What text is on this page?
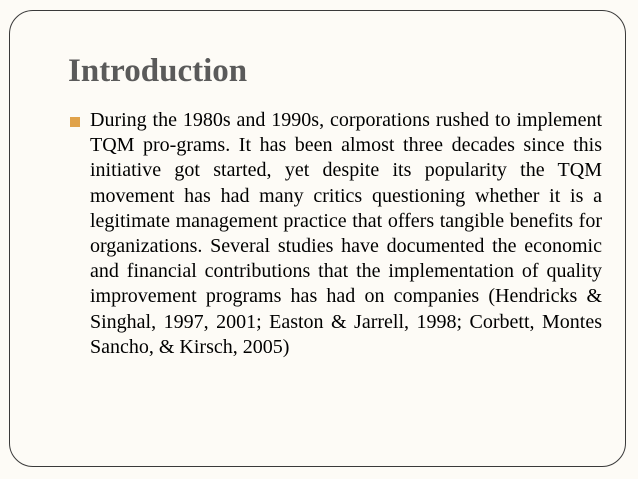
Introduction

During the 1980s and 1990s, corporations rushed to implement TQM pro-grams. It has been almost three decades since this initiative got started, yet despite its popularity the TQM movement has had many critics questioning whether it is a legitimate management practice that offers tangible benefits for organizations. Several studies have documented the economic and financial contributions that the implementation of quality improvement programs has had on companies (Hendricks & Singhal, 1997, 2001; Easton & Jarrell, 1998; Corbett, Montes Sancho, & Kirsch, 2005)
